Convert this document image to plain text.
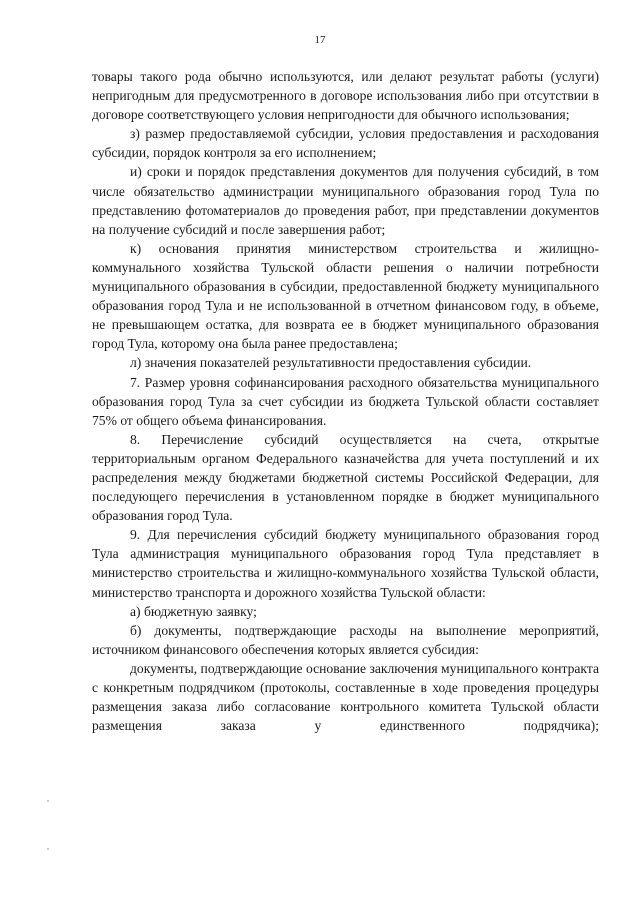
17

товары такого рода обычно используются, или делают результат работы (услуги) непригодным для предусмотренного в договоре использования либо при отсутствии в договоре соответствующего условия непригодности для обычного использования;

з) размер предоставляемой субсидии, условия предоставления и расходования субсидии, порядок контроля за его исполнением;

и) сроки и порядок представления документов для получения субсидий, в том числе обязательство администрации муниципального образования город Тула по представлению фотоматериалов до проведения работ, при представлении документов на получение субсидий и после завершения работ;

к) основания принятия министерством строительства и жилищно-коммунального хозяйства Тульской области решения о наличии потребности муниципального образования в субсидии, предоставленной бюджету муниципального образования город Тула и не использованной в отчетном финансовом году, в объеме, не превышающем остатка, для возврата ее в бюджет муниципального образования город Тула, которому она была ранее предоставлена;

л) значения показателей результативности предоставления субсидии.

7. Размер уровня софинансирования расходного обязательства муниципального образования город Тула за счет субсидии из бюджета Тульской области составляет 75% от общего объема финансирования.

8. Перечисление субсидий осуществляется на счета, открытые территориальным органом Федерального казначейства для учета поступлений и их распределения между бюджетами бюджетной системы Российской Федерации, для последующего перечисления в установленном порядке в бюджет муниципального образования город Тула.

9. Для перечисления субсидий бюджету муниципального образования город Тула администрация муниципального образования город Тула представляет в министерство строительства и жилищно-коммунального хозяйства Тульской области, министерство транспорта и дорожного хозяйства Тульской области:

а) бюджетную заявку;

б) документы, подтверждающие расходы на выполнение мероприятий, источником финансового обеспечения которых является субсидия:

документы, подтверждающие основание заключения муниципального контракта с конкретным подрядчиком (протоколы, составленные в ходе проведения процедуры размещения заказа либо согласование контрольного комитета Тульской области размещения заказа у единственного подрядчика);
